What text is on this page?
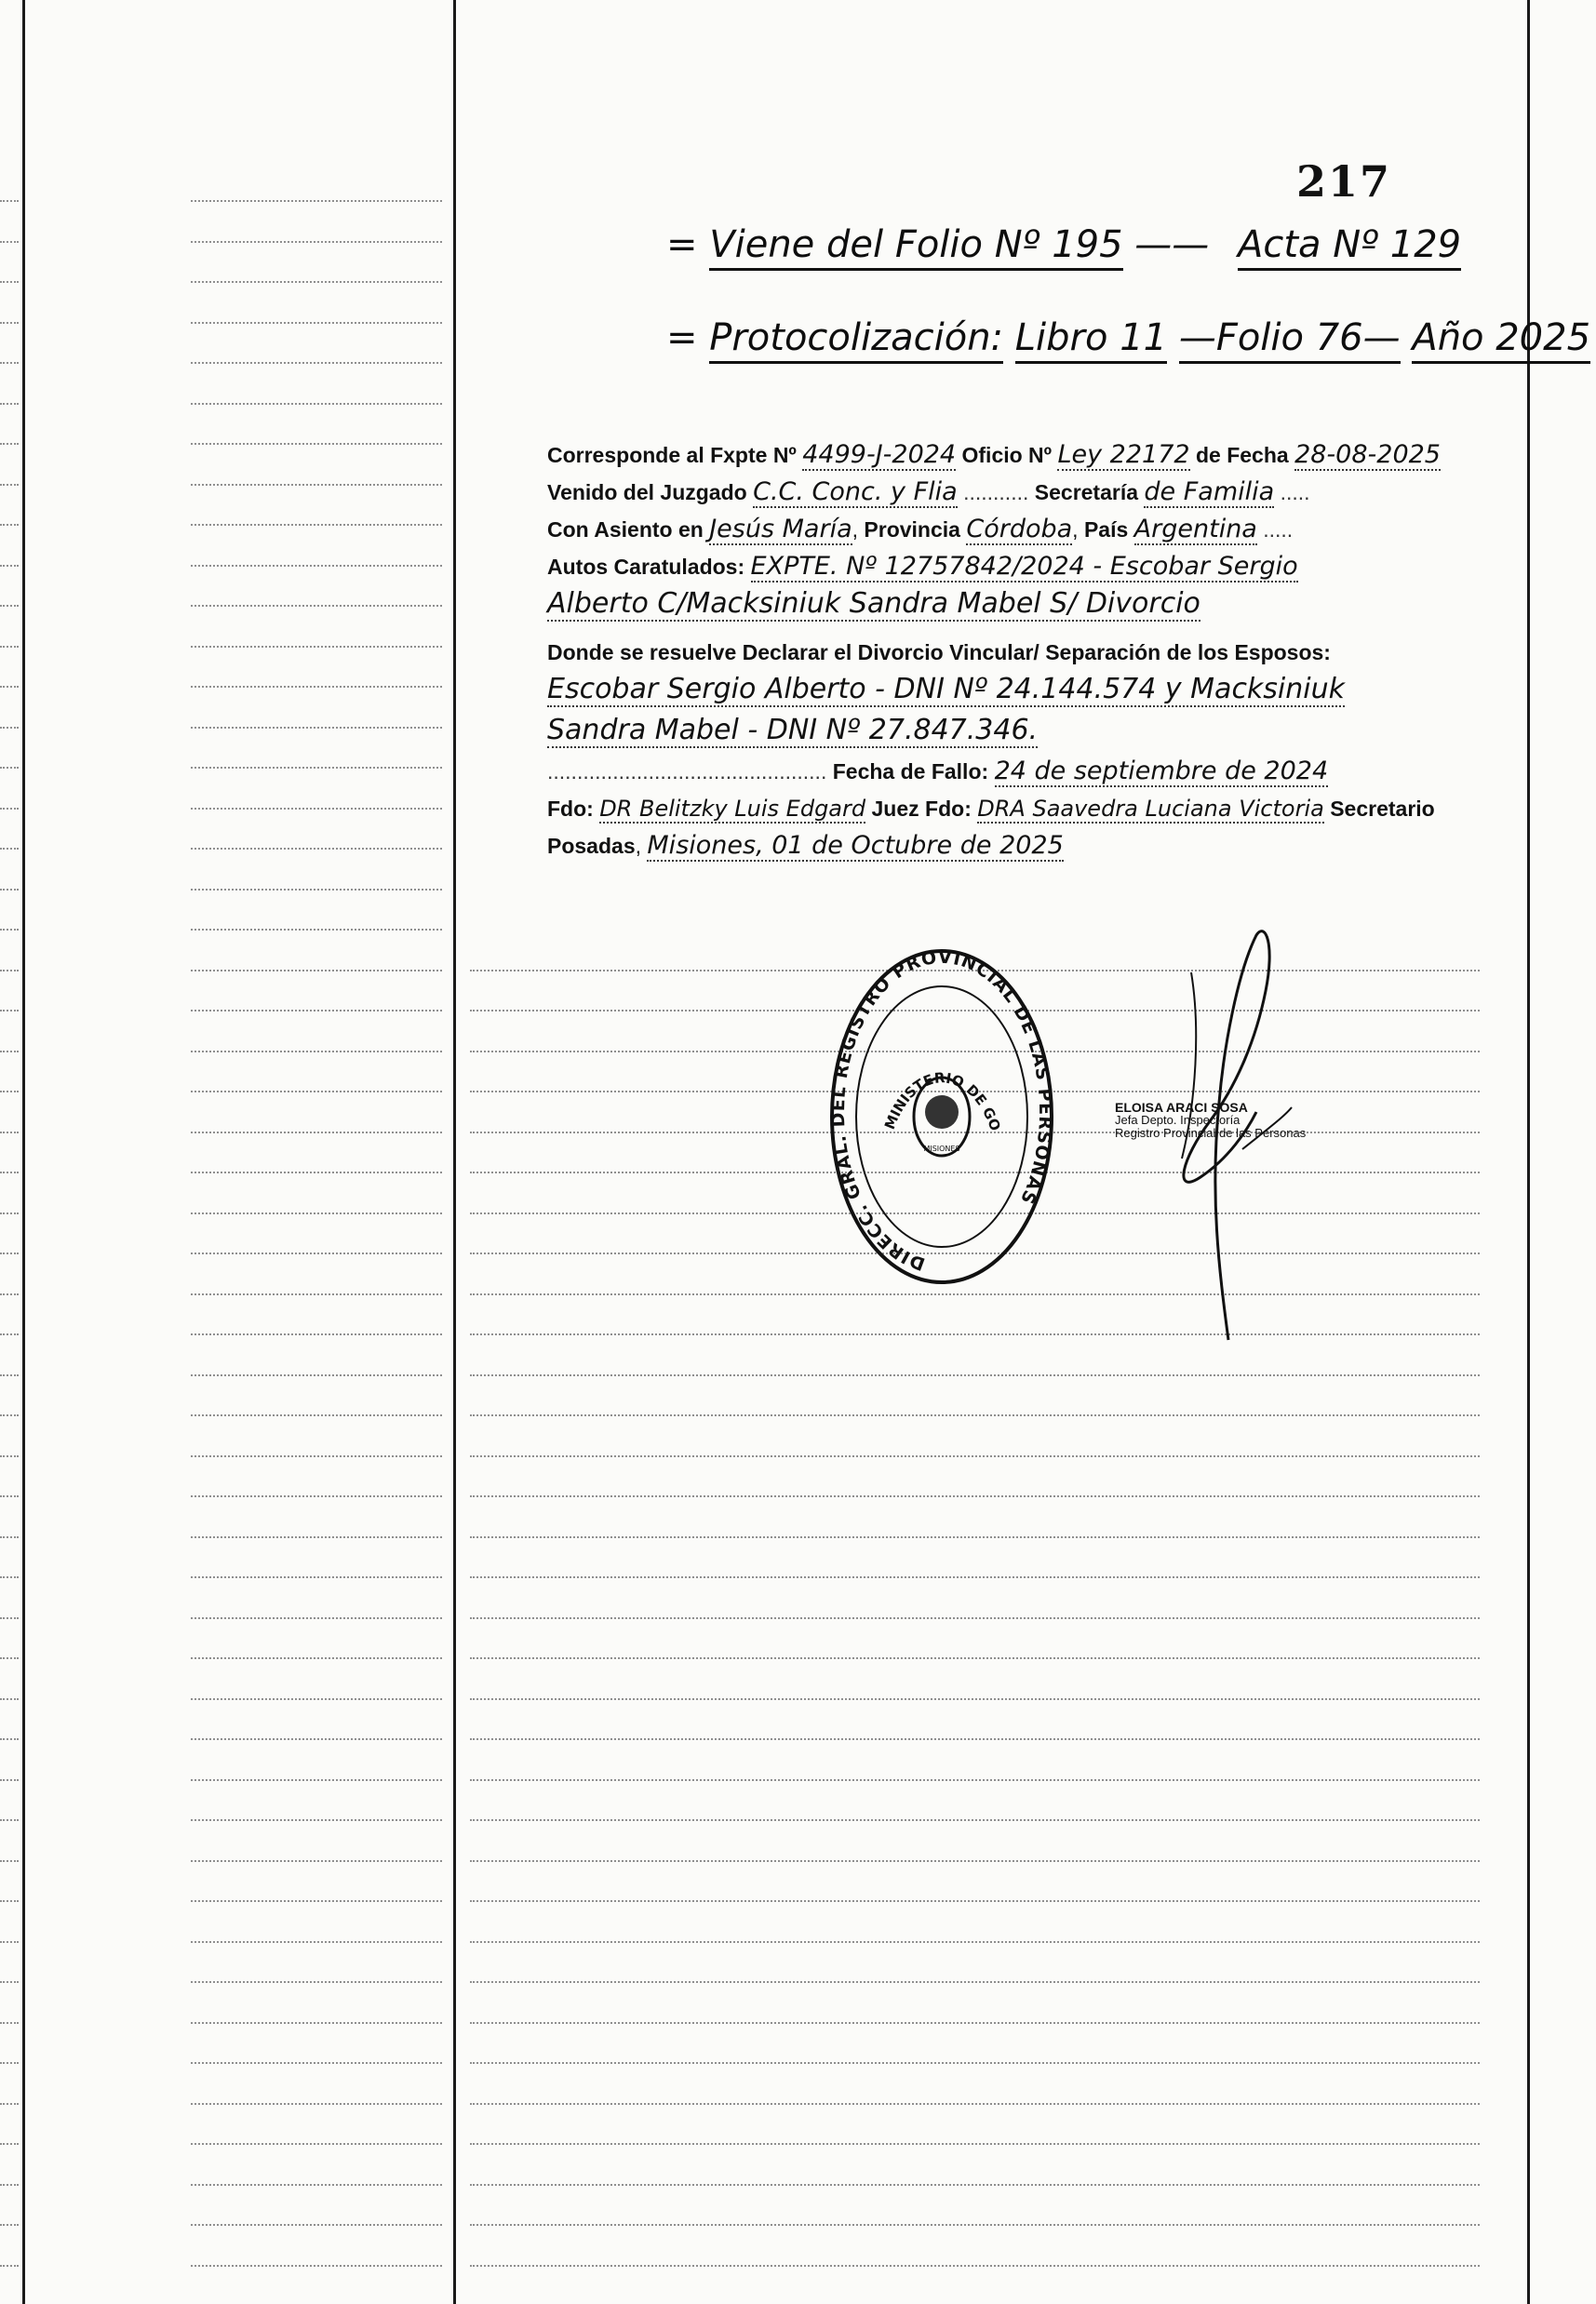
217
= Viene del Folio Nº 195 —— Acta Nº 129
= Protocolización: Libro 11 —Folio 76— Año 2025
Corresponde al Fxpte Nº 4499-J-2024 Oficio Nº Ley 22172 de Fecha 28-08-2025
Venido del Juzgado C.C. Conc. y Flia ........... Secretaría de Familia .....
Con Asiento en Jesús María, Provincia Córdoba, País Argentina .....
Autos Caratulados: EXPTE. Nº 12757842/2024 - Escobar Sergio
Alberto C/Macksiniuk Sandra Mabel S/ Divorcio
Donde se resuelve Declarar el Divorcio Vincular/ Separación de los Esposos:
Escobar Sergio Alberto - DNI Nº 24.144.574 y Macksiniuk
Sandra Mabel - DNI Nº 27.847.346.
............................................... Fecha de Fallo: 24 de septiembre de 2024
Fdo: DR Belitzky Luis Edgard Juez Fdo: DRA Saavedra Luciana Victoria Secretario
Posadas, Misiones, 01 de Octubre de 2025
DIRECC. GRAL. DEL REGISTRO PROVINCIAL DE LAS PERSONAS
MINISTERIO DE GO
MISIONES
ELOISA ARACI SOSA
Jefa Depto. Inspectoría
Registro Provincial de las Personas
